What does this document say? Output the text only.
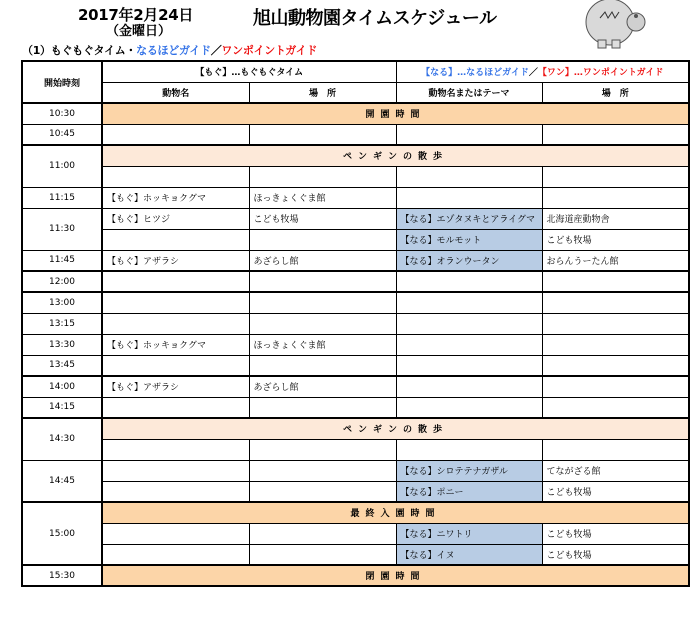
2017年2月24日
（金曜日）
旭山動物園タイムスケジュール
（1）もぐもぐタイム・なるほどガイド／ワンポイントガイド
開始時刻	【もぐ】…もぐもぐタイム		【なる】…なるほどガイド／【ワン】…ワンポイントガイド	
	動物名	場　所	動物名またはテーマ	場　所
10:30	開園時間			
10:45				
11:00	ペンギンの散歩			

11:15	【もぐ】ホッキョクグマ	ほっきょくぐま館		
11:30	【もぐ】ヒツジ	こども牧場	【なる】エゾタヌキとアライグマ	北海道産動物舎
			【なる】モルモット	こども牧場
11:45	【もぐ】アザラシ	あざらし館	【なる】オランウータン	おらんうーたん館
12:00				
13:00				
13:15				
13:30	【もぐ】ホッキョクグマ	ほっきょくぐま館		
13:45				
14:00	【もぐ】アザラシ	あざらし館		
14:15				
14:30	ペンギンの散歩			

14:45			【なる】シロテテナガザル	てながざる館
			【なる】ポニー	こども牧場
15:00	最終入園時間			
			【なる】ニワトリ	こども牧場
			【なる】イヌ	こども牧場
15:30	閉園時間			
